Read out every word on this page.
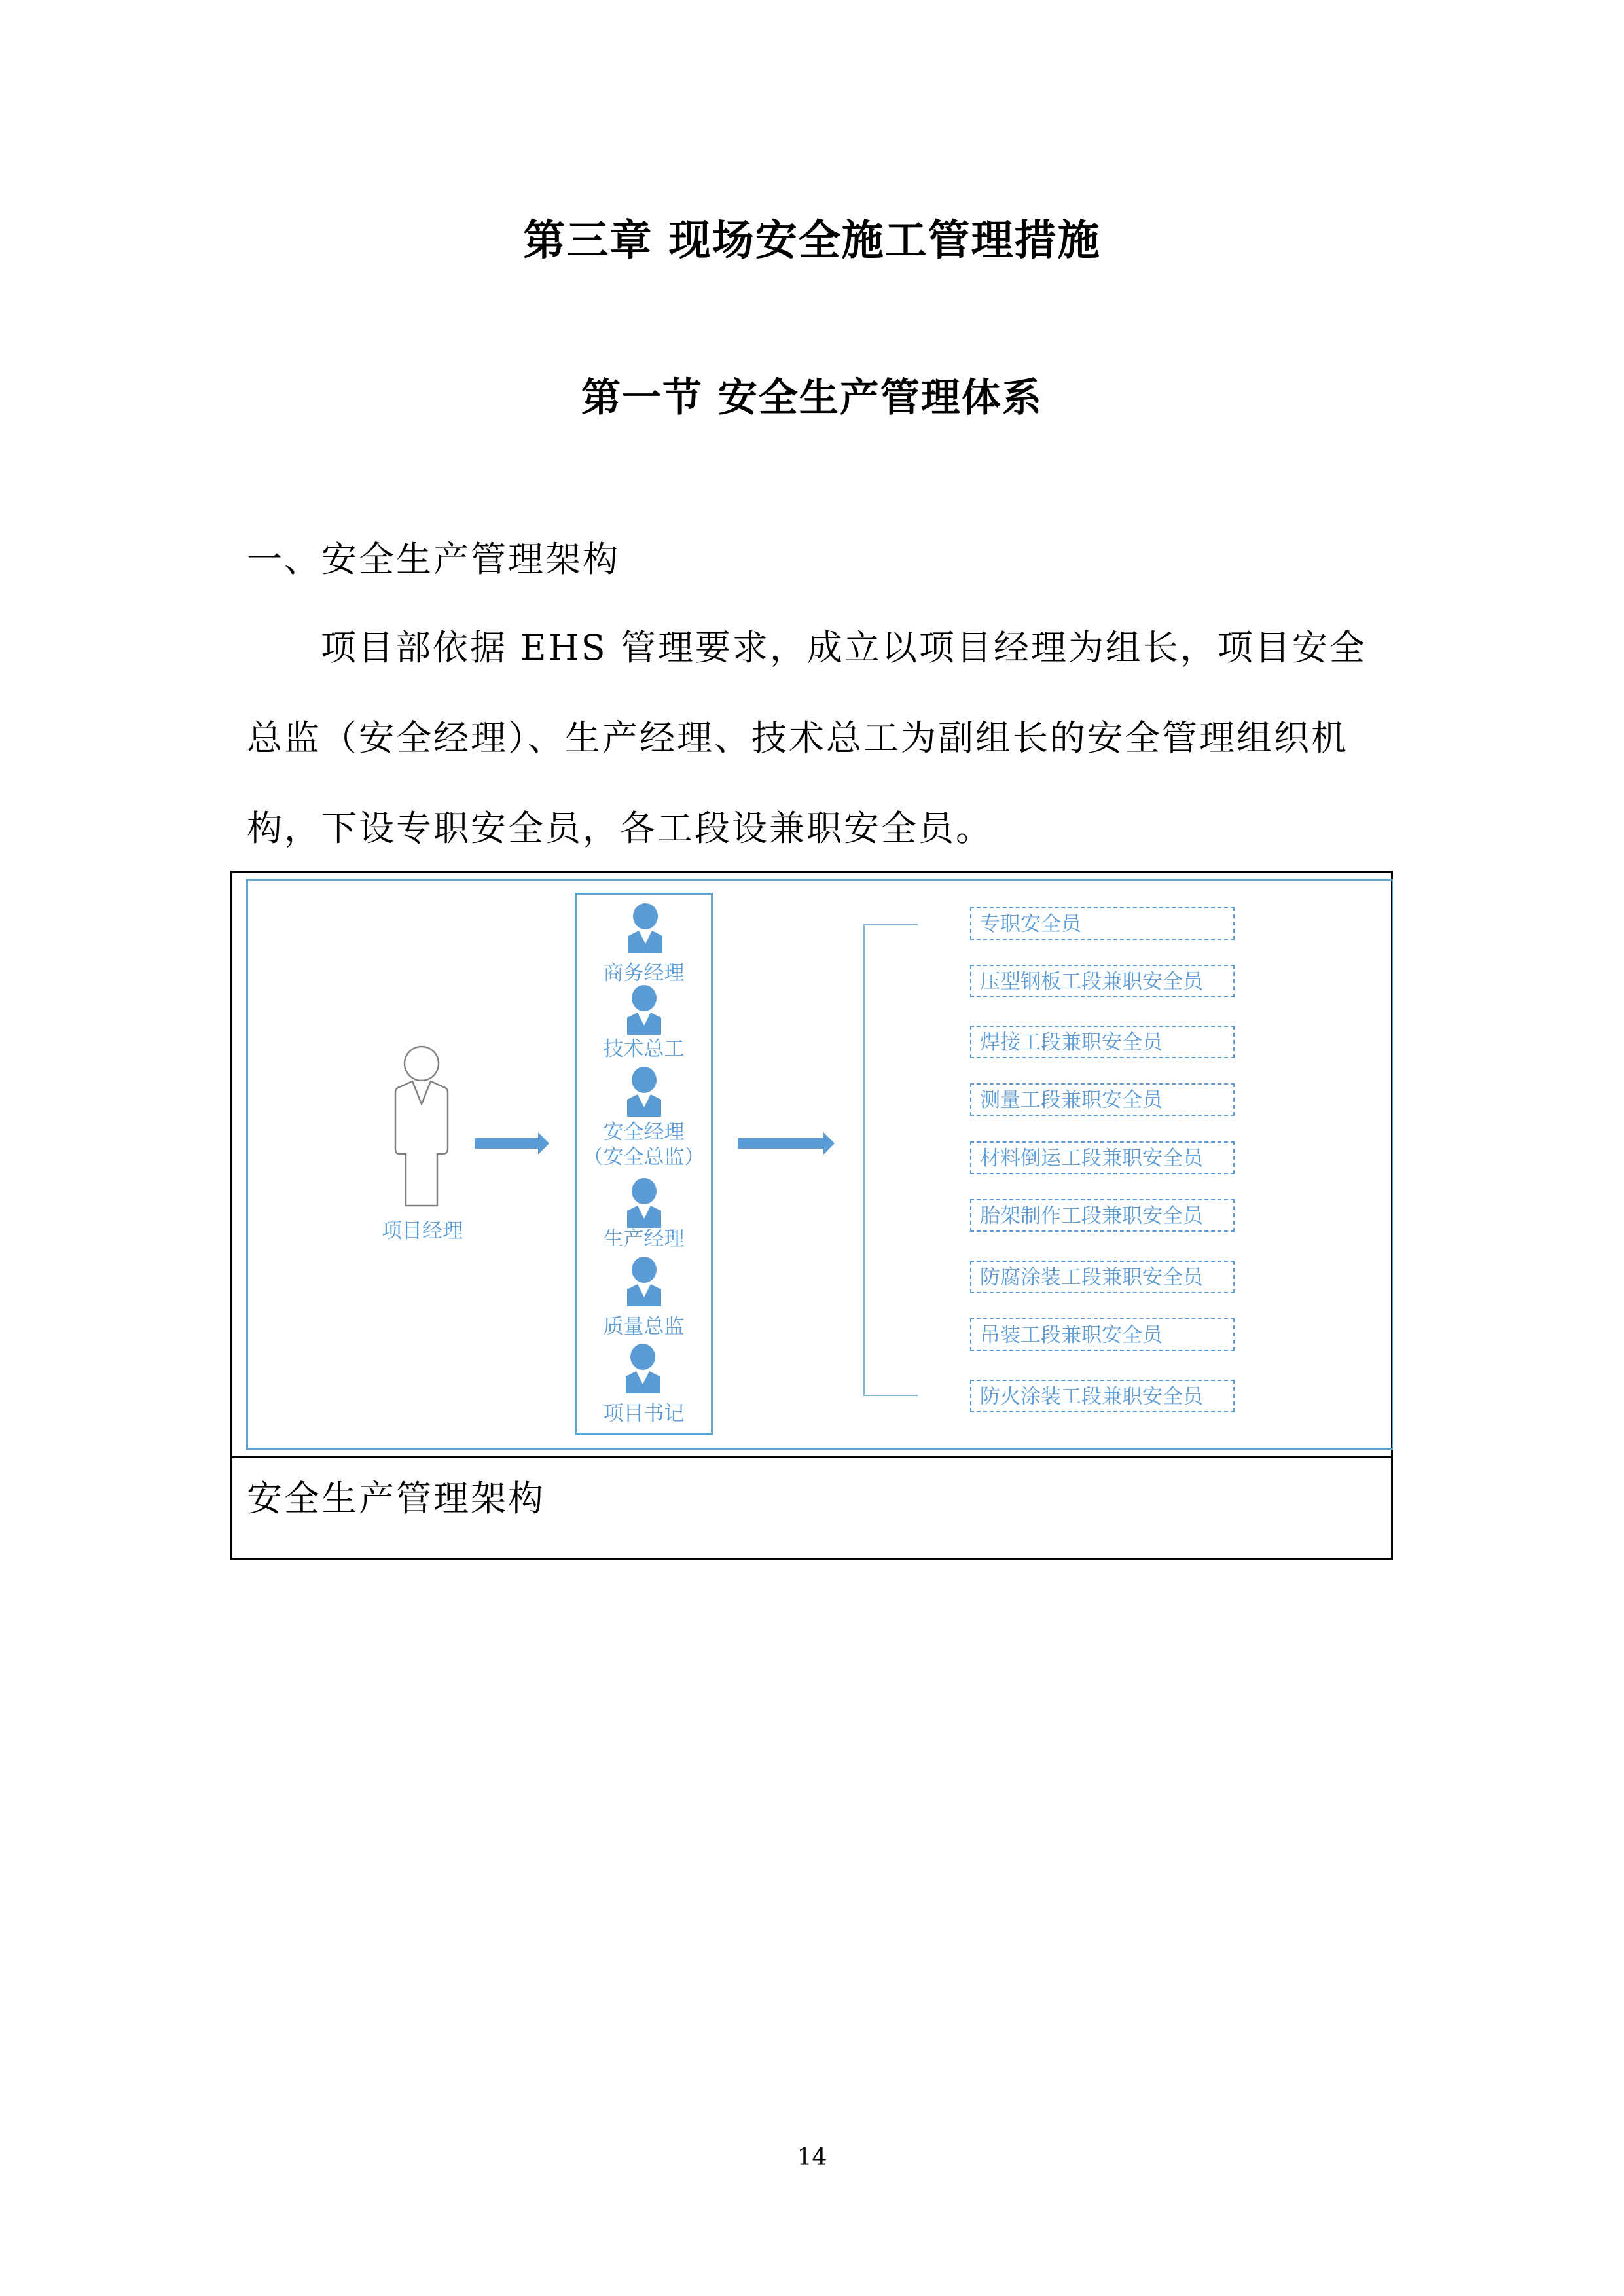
第三章 现场安全施工管理措施
第一节 安全生产管理体系
一、安全生产管理架构
项目部依据 EHS 管理要求，成立以项目经理为组长，项目安全
总监（安全经理）、生产经理、技术总工为副组长的安全管理组织机
构，下设专职安全员，各工段设兼职安全员。
项目经理
商务经理
技术总工
安全经理
（安全总监）
生产经理
质量总监
项目书记
专职安全员
压型钢板工段兼职安全员
焊接工段兼职安全员
测量工段兼职安全员
材料倒运工段兼职安全员
胎架制作工段兼职安全员
防腐涂装工段兼职安全员
吊装工段兼职安全员
防火涂装工段兼职安全员
安全生产管理架构
14
